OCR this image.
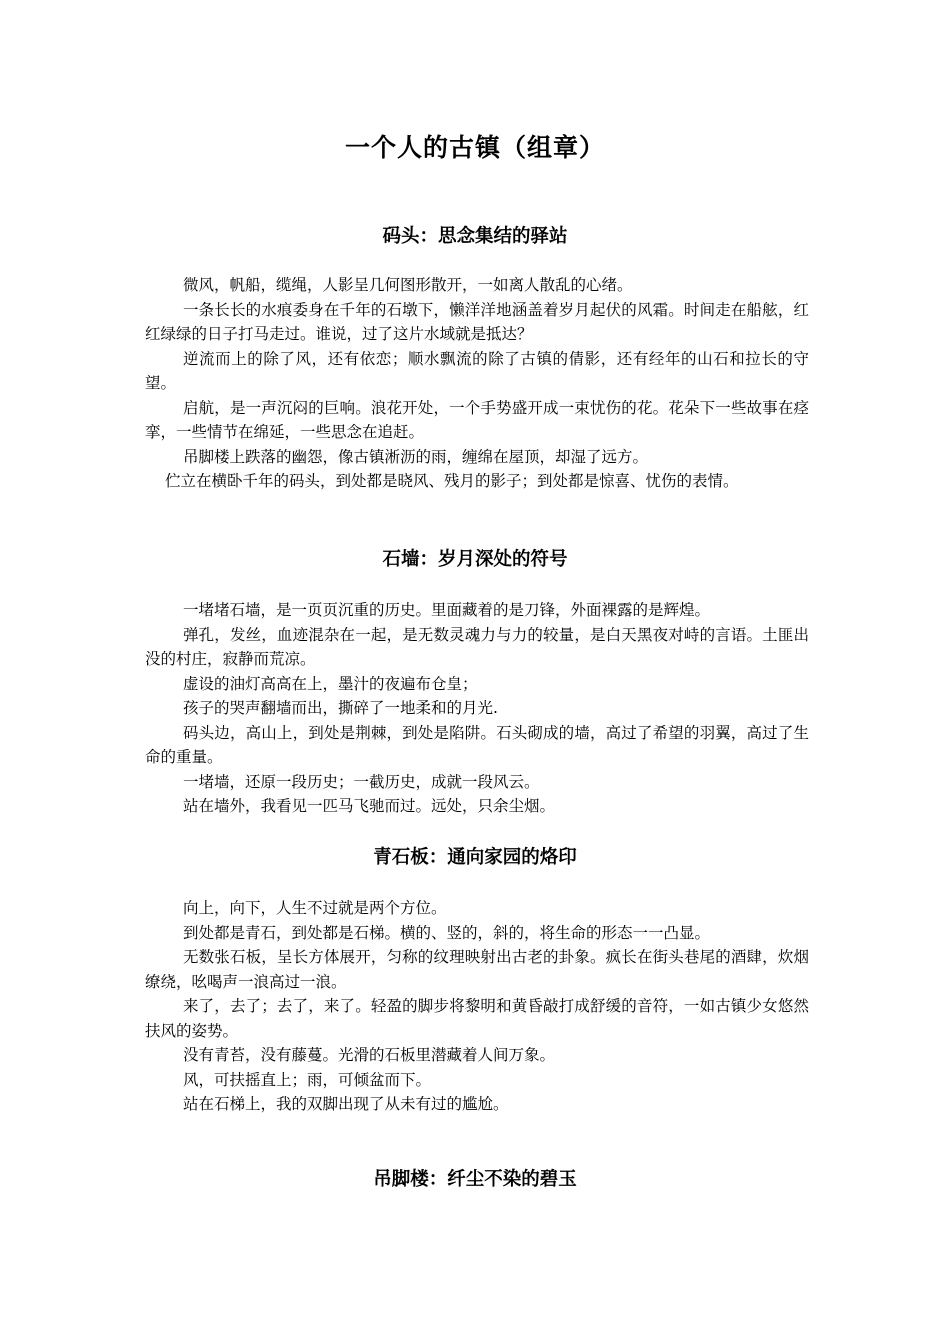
一个人的古镇（组章）
码头：思念集结的驿站

微风，帆船，缆绳，人影呈几何图形散开，一如离人散乱的心绪。

一条长长的水痕委身在千年的石墩下，懒洋洋地涵盖着岁月起伏的风霜。时间走在船舷，红红绿绿的日子打马走过。谁说，过了这片水域就是抵达？

逆流而上的除了风，还有依恋；顺水飘流的除了古镇的倩影，还有经年的山石和拉长的守望。

启航，是一声沉闷的巨响。浪花开处，一个手势盛开成一束忧伤的花。花朵下一些故事在痉挛，一些情节在绵延，一些思念在追赶。

吊脚楼上跌落的幽怨，像古镇淅沥的雨，缠绵在屋顶，却湿了远方。

伫立在横卧千年的码头，到处都是晓风、残月的影子；到处都是惊喜、忧伤的表情。

石墙：岁月深处的符号

一堵堵石墙，是一页页沉重的历史。里面藏着的是刀锋，外面裸露的是辉煌。

弹孔，发丝，血迹混杂在一起，是无数灵魂力与力的较量，是白天黑夜对峙的言语。土匪出没的村庄，寂静而荒凉。

虚设的油灯高高在上，墨汁的夜遍布仓皇；

孩子的哭声翻墙而出，撕碎了一地柔和的月光.

码头边，高山上，到处是荆棘，到处是陷阱。石头砌成的墙，高过了希望的羽翼，高过了生命的重量。

一堵墙，还原一段历史；一截历史，成就一段风云。

站在墙外，我看见一匹马飞驰而过。远处，只余尘烟。

青石板：通向家园的烙印

向上，向下，人生不过就是两个方位。

到处都是青石，到处都是石梯。横的、竖的，斜的，将生命的形态一一凸显。

无数张石板，呈长方体展开，匀称的纹理映射出古老的卦象。疯长在街头巷尾的酒肆，炊烟缭绕，吆喝声一浪高过一浪。

来了，去了；去了，来了。轻盈的脚步将黎明和黄昏敲打成舒缓的音符，一如古镇少女悠然扶风的姿势。

没有青苔，没有藤蔓。光滑的石板里潜藏着人间万象。

风，可扶摇直上；雨，可倾盆而下。

站在石梯上，我的双脚出现了从未有过的尴尬。

吊脚楼：纤尘不染的碧玉
